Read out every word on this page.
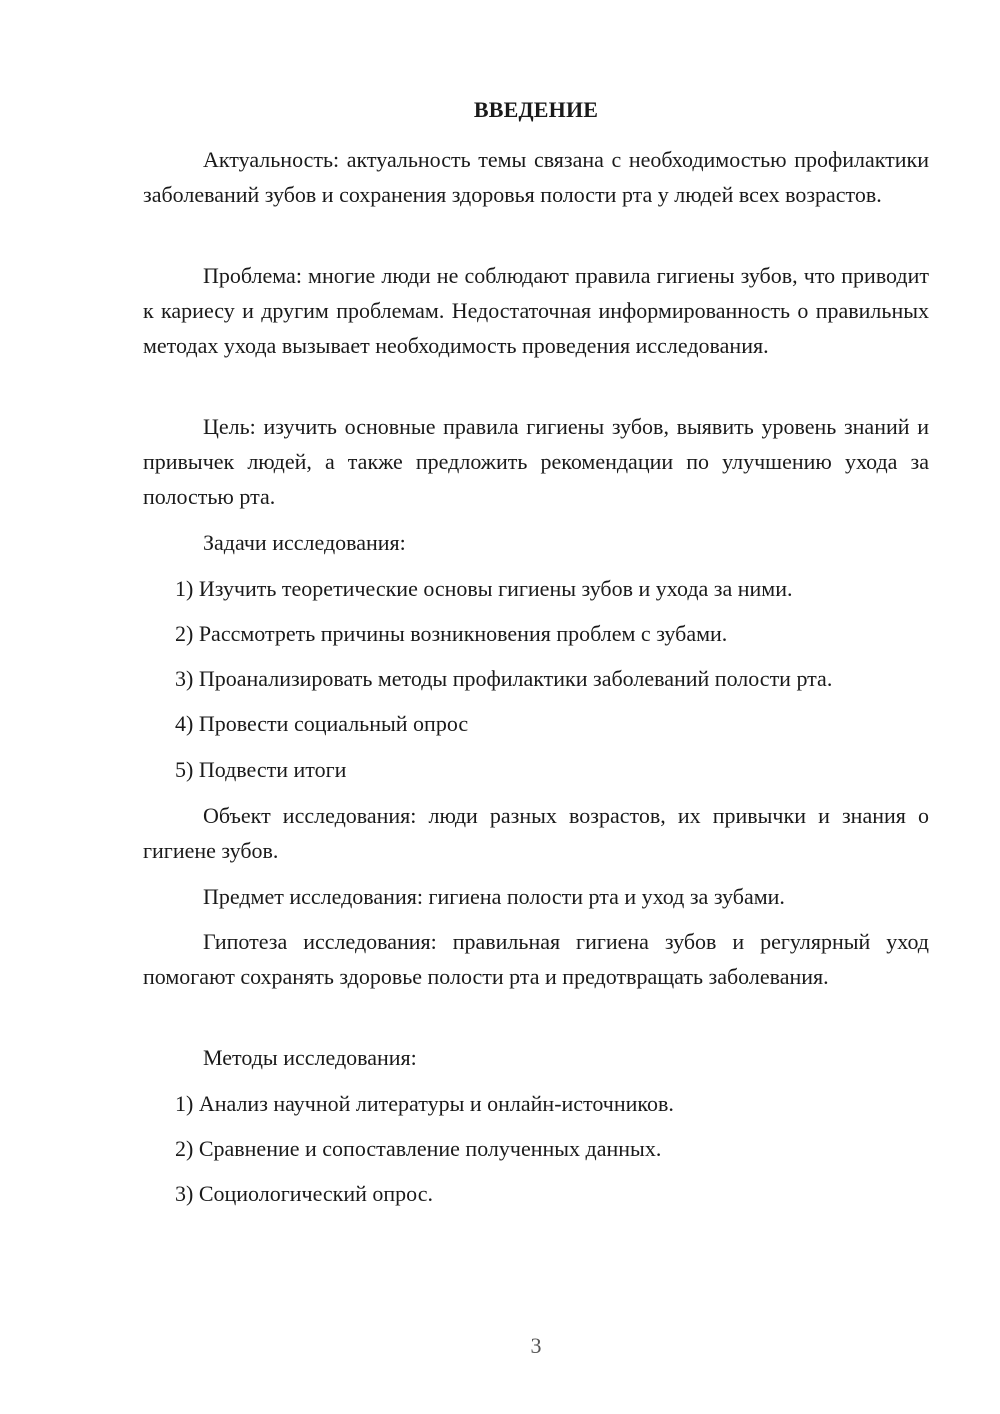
ВВЕДЕНИЕ
Актуальность: актуальность темы связана с необходимостью профилактики заболеваний зубов и сохранения здоровья полости рта у людей всех возрастов.
Проблема: многие люди не соблюдают правила гигиены зубов, что приводит к кариесу и другим проблемам. Недостаточная информированность о правильных методах ухода вызывает необходимость проведения исследования.
Цель: изучить основные правила гигиены зубов, выявить уровень знаний и привычек людей, а также предложить рекомендации по улучшению ухода за полостью рта.
Задачи исследования:
1) Изучить теоретические основы гигиены зубов и ухода за ними.
2) Рассмотреть причины возникновения проблем с зубами.
3) Проанализировать методы профилактики заболеваний полости рта.
4) Провести социальный опрос
5) Подвести итоги
Объект исследования: люди разных возрастов, их привычки и знания о гигиене зубов.
Предмет исследования: гигиена полости рта и уход за зубами.
Гипотеза исследования: правильная гигиена зубов и регулярный уход помогают сохранять здоровье полости рта и предотвращать заболевания.
Методы исследования:
1) Анализ научной литературы и онлайн-источников.
2) Сравнение и сопоставление полученных данных.
3) Социологический опрос.
3
